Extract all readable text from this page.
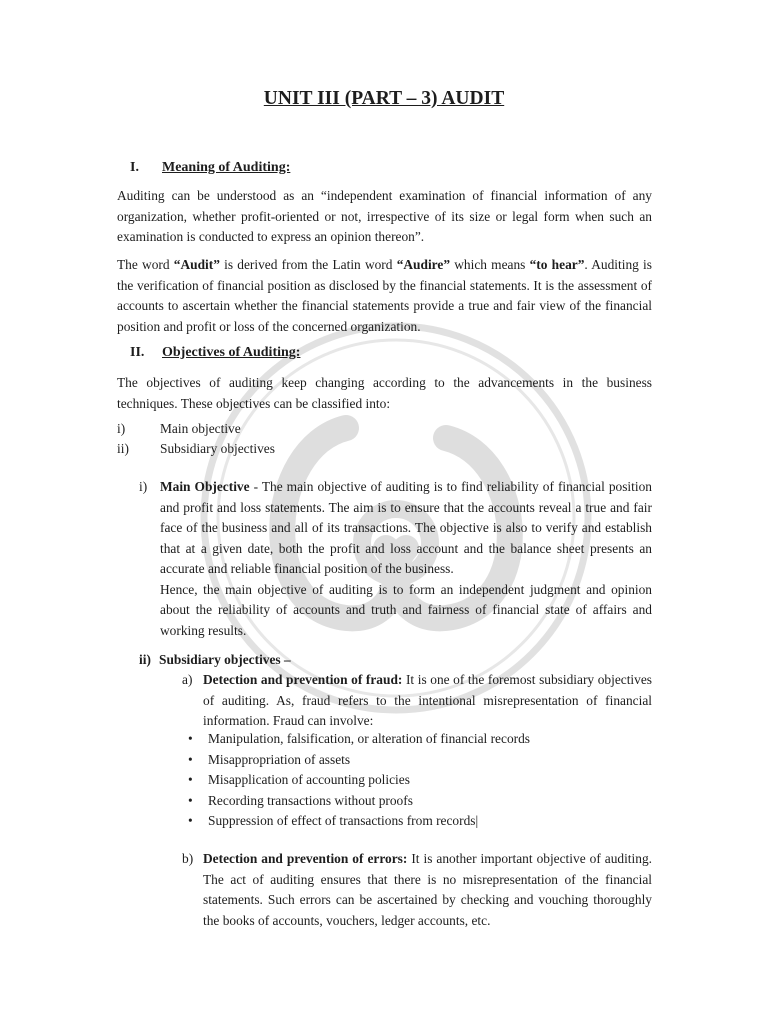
UNIT III (PART – 3) AUDIT
I. Meaning of Auditing:
Auditing can be understood as an “independent examination of financial information of any organization, whether profit-oriented or not, irrespective of its size or legal form when such an examination is conducted to express an opinion thereon”.
The word “Audit” is derived from the Latin word “Audire” which means “to hear”. Auditing is the verification of financial position as disclosed by the financial statements. It is the assessment of accounts to ascertain whether the financial statements provide a true and fair view of the financial position and profit or loss of the concerned organization.
II. Objectives of Auditing:
The objectives of auditing keep changing according to the advancements in the business techniques. These objectives can be classified into:
i)	Main objective
ii)	Subsidiary objectives
i) Main Objective - The main objective of auditing is to find reliability of financial position and profit and loss statements. The aim is to ensure that the accounts reveal a true and fair face of the business and all of its transactions. The objective is also to verify and establish that at a given date, both the profit and loss account and the balance sheet presents an accurate and reliable financial position of the business.
Hence, the main objective of auditing is to form an independent judgment and opinion about the reliability of accounts and truth and fairness of financial state of affairs and working results.
ii) Subsidiary objectives –
a) Detection and prevention of fraud: It is one of the foremost subsidiary objectives of auditing. As, fraud refers to the intentional misrepresentation of financial information. Fraud can involve:
•	Manipulation, falsification, or alteration of financial records
•	Misappropriation of assets
•	Misapplication of accounting policies
•	Recording transactions without proofs
•	Suppression of effect of transactions from records|
b) Detection and prevention of errors: It is another important objective of auditing. The act of auditing ensures that there is no misrepresentation of the financial statements. Such errors can be ascertained by checking and vouching thoroughly the books of accounts, vouchers, ledger accounts, etc.
